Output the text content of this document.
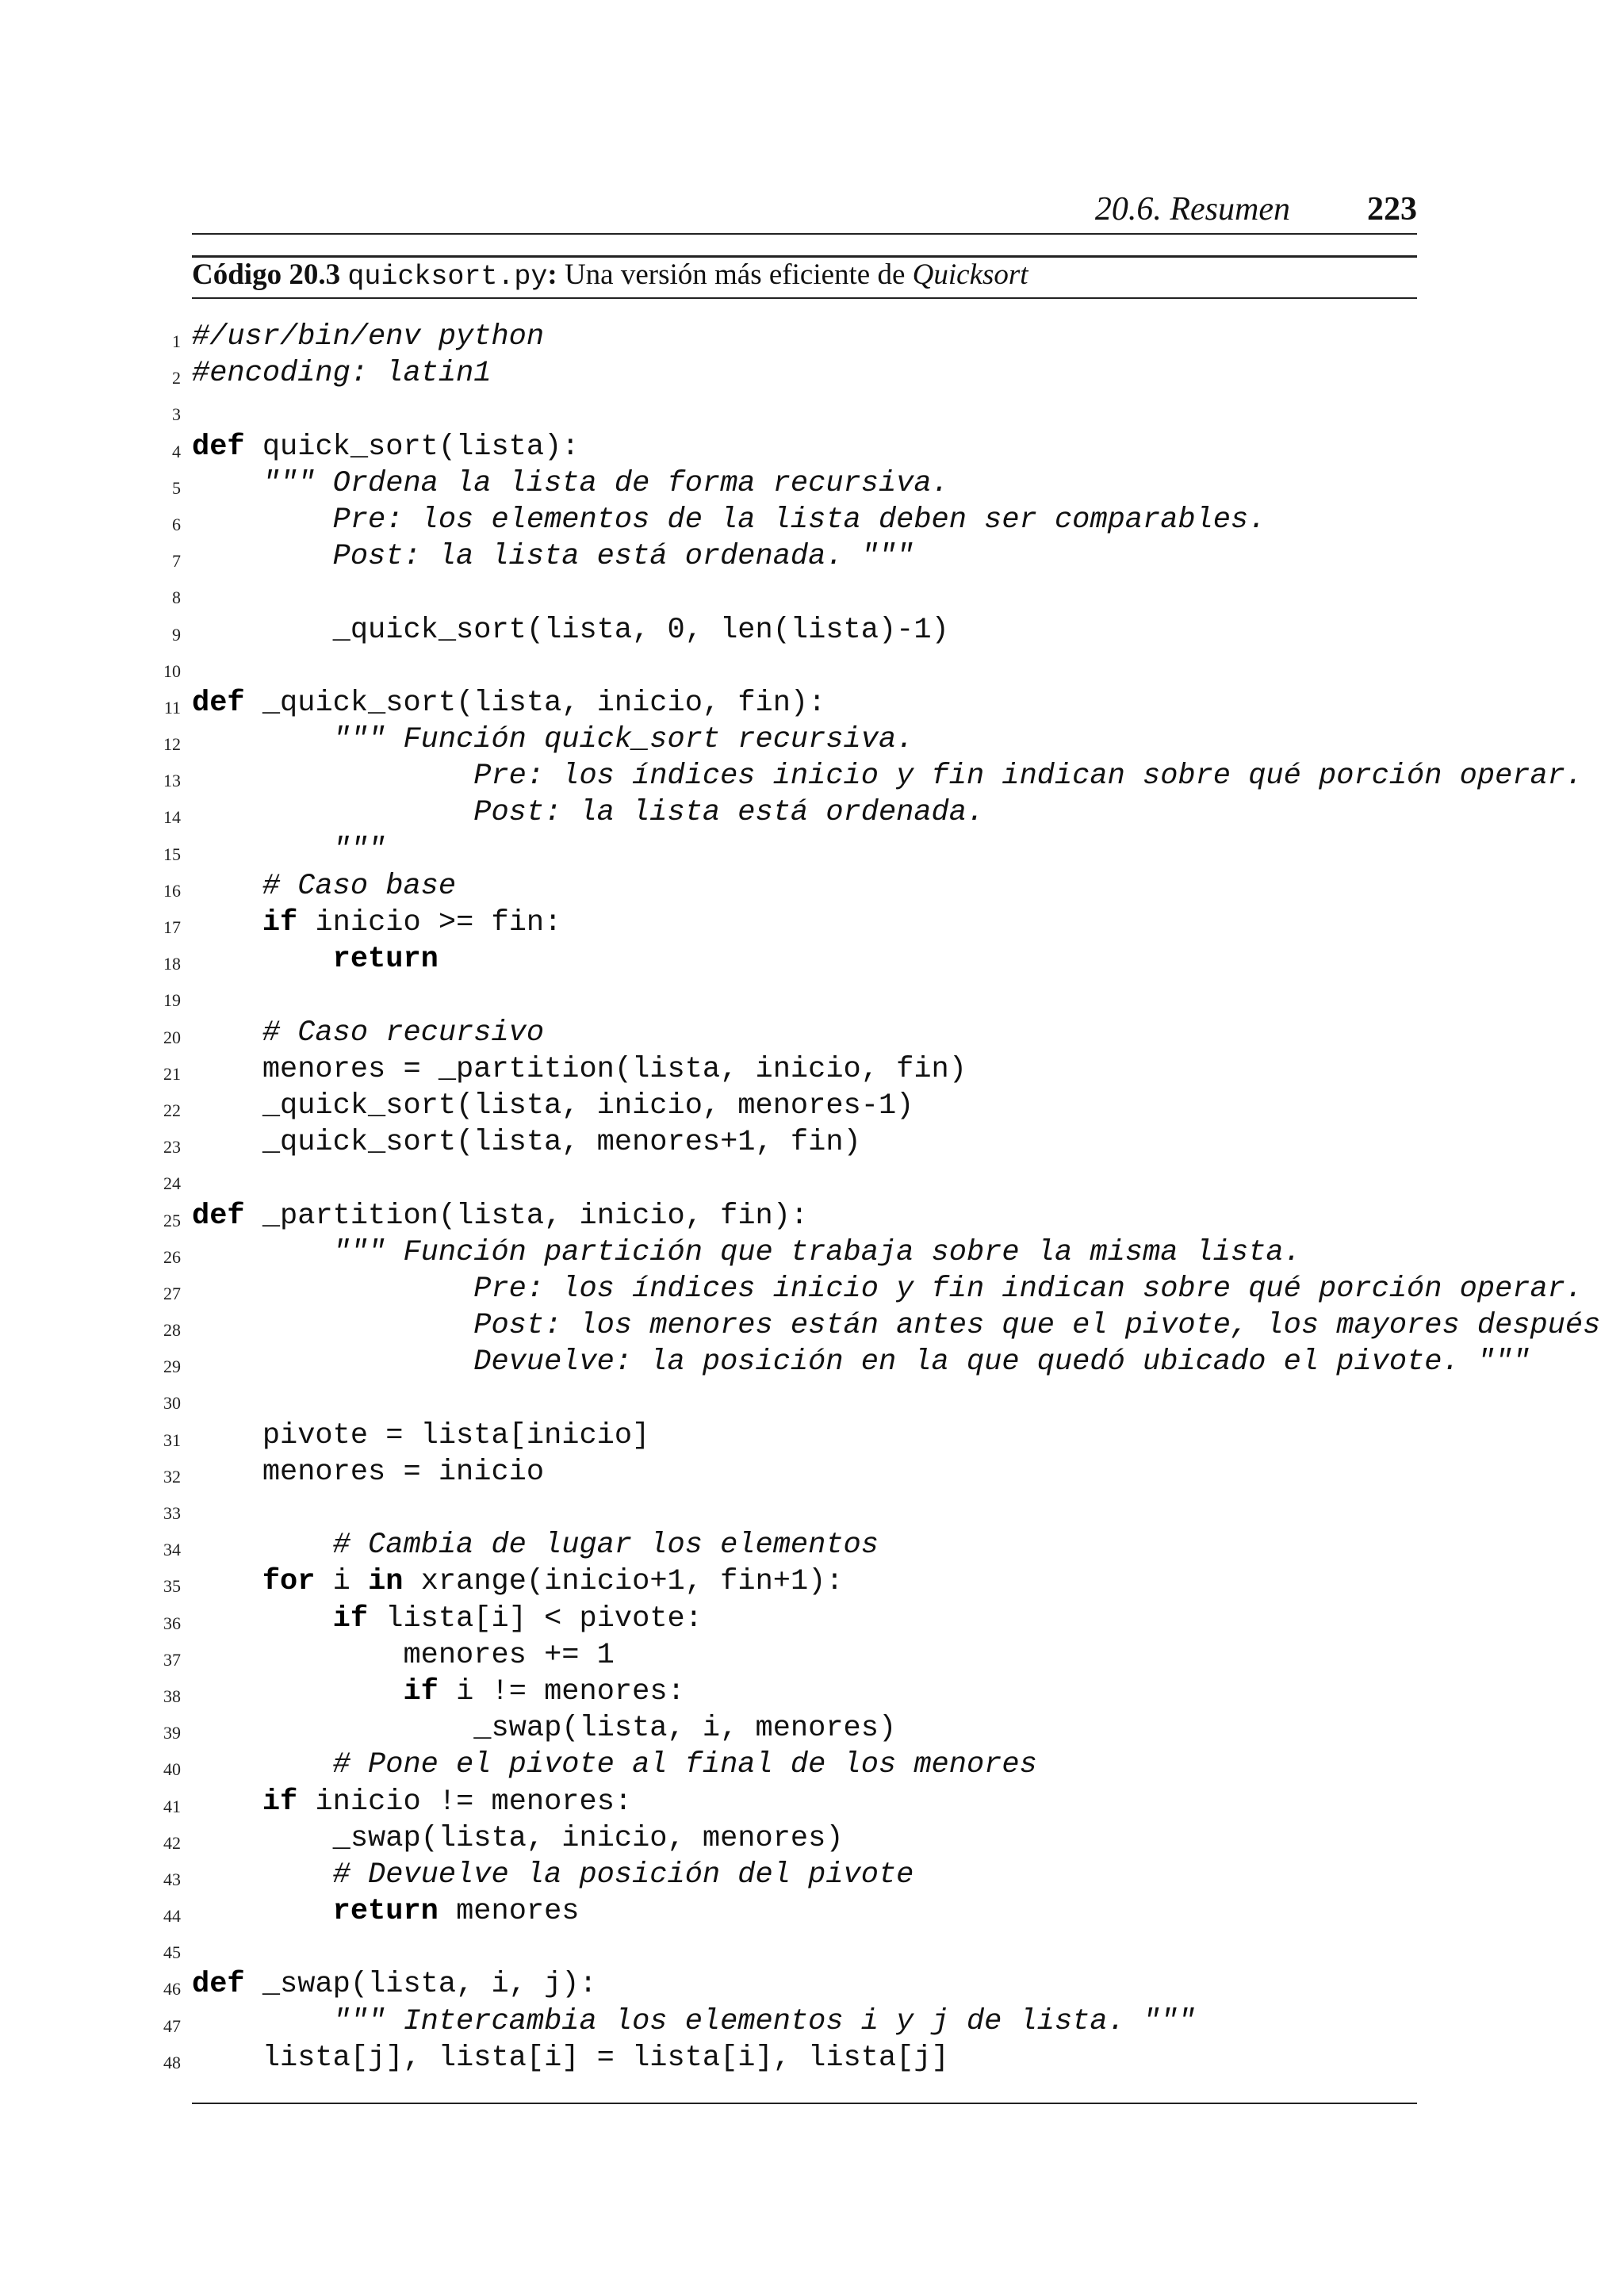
20.6. Resumen 223
Código 20.3 quicksort.py: Una versión más eficiente de Quicksort
1 #/usr/bin/env python
2 #encoding: latin1
3
4 def quick_sort(lista):
5 """ Ordena la lista de forma recursiva.
6 Pre: los elementos de la lista deben ser comparables.
7 Post: la lista está ordenada. """
8
9 _quick_sort(lista, 0, len(lista)-1)
10
11 def _quick_sort(lista, inicio, fin):
12 """ Función quick_sort recursiva.
13 Pre: los índices inicio y fin indican sobre qué porción operar.
14 Post: la lista está ordenada.
15 """
16 # Caso base
17	if inicio >= fin:
18	return
19
20 # Caso recursivo
21 menores = _partition(lista, inicio, fin)
22 _quick_sort(lista, inicio, menores-1)
23 _quick_sort(lista, menores+1, fin)
24
25 def _partition(lista, inicio, fin):
26 """ Función partición que trabaja sobre la misma lista.
27 Pre: los índices inicio y fin indican sobre qué porción operar.
28 Post: los menores están antes que el pivote, los mayores después
29 Devuelve: la posición en la que quedó ubicado el pivote. """
30
31 pivote = lista[inicio]
32 menores = inicio
33
34 # Cambia de lugar los elementos
35	for i in xrange(inicio+1, fin+1):
36	if lista[i] < pivote:
37 menores += 1
38	if i != menores:
39 _swap(lista, i, menores)
40 # Pone el pivote al final de los menores
41	if inicio != menores:
42 _swap(lista, inicio, menores)
43 # Devuelve la posición del pivote
44	return menores
45
46 def _swap(lista, i, j):
47 """ Intercambia los elementos i y j de lista. """
48 lista[j], lista[i] = lista[i], lista[j]
